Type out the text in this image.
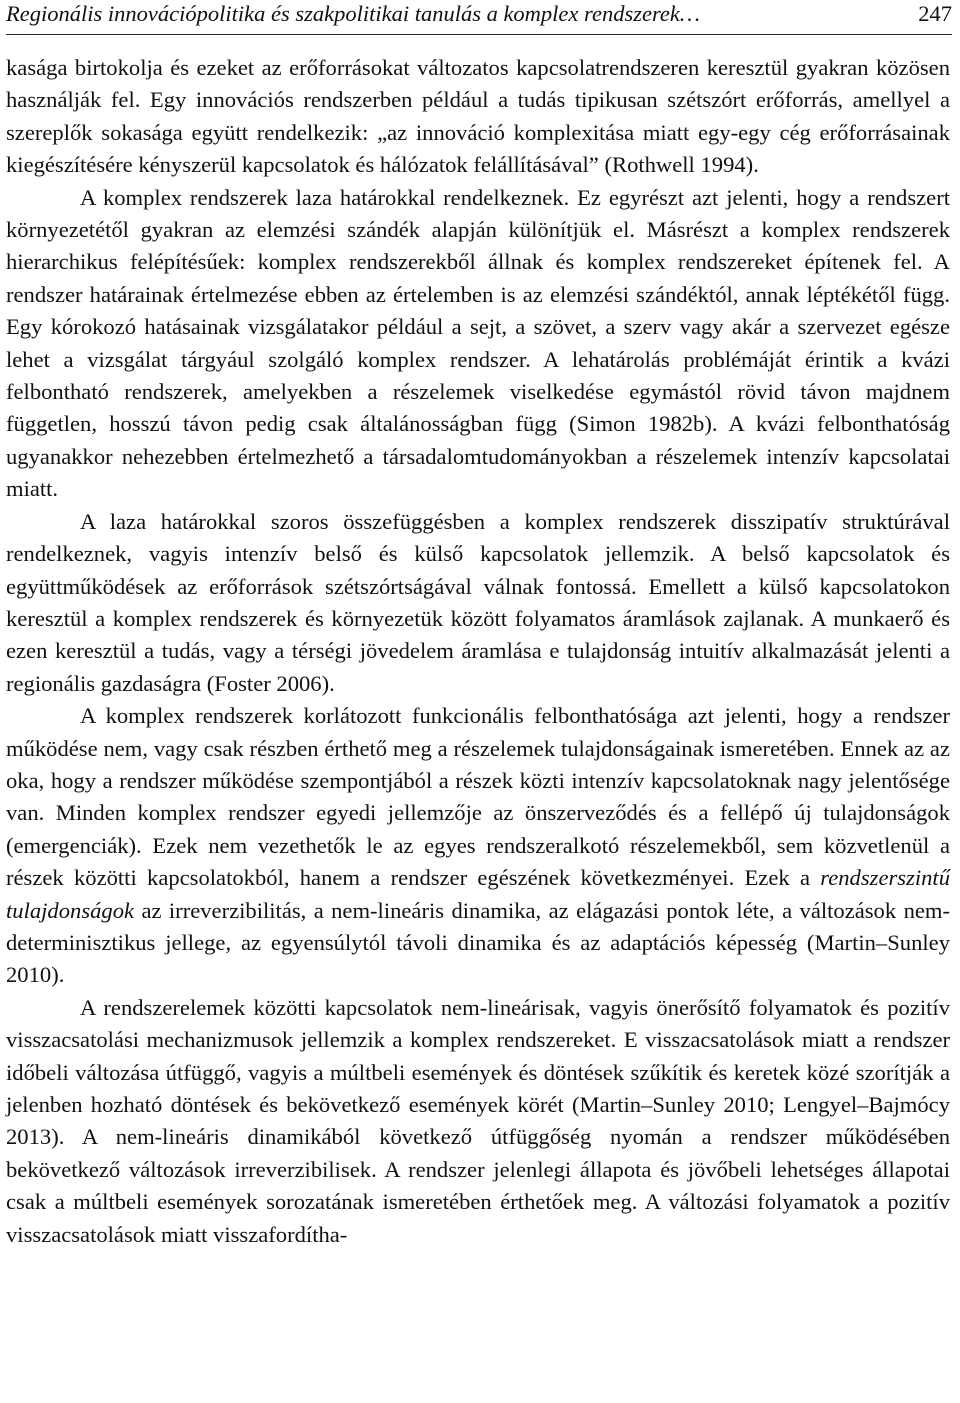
Regionális innovációpolitika és szakpolitikai tanulás a komplex rendszerek…	247

kasága birtokolja és ezeket az erőforrásokat változatos kapcsolatrendszeren keresztül gyakran közösen használják fel. Egy innovációs rendszerben például a tudás tipikusan szétszórt erőforrás, amellyel a szereplők sokasága együtt rendelkezik: „az innováció komplexitása miatt egy-egy cég erőforrásainak kiegészítésére kényszerül kapcsolatok és hálózatok felállításával” (Rothwell 1994).

A komplex rendszerek laza határokkal rendelkeznek. Ez egyrészt azt jelenti, hogy a rendszert környezetétől gyakran az elemzési szándék alapján különítjük el. Másrészt a komplex rendszerek hierarchikus felépítésűek: komplex rendszerekből állnak és komplex rendszereket építenek fel. A rendszer határainak értelmezése ebben az értelemben is az elemzési szándéktól, annak léptékétől függ. Egy kórokozó hatásainak vizsgálatakor például a sejt, a szövet, a szerv vagy akár a szervezet egésze lehet a vizsgálat tárgyául szolgáló komplex rendszer. A lehatárolás problémáját érintik a kvázi felbontható rendszerek, amelyekben a részelemek viselkedése egymástól rövid távon majdnem független, hosszú távon pedig csak általánosságban függ (Simon 1982b). A kvázi felbonthatóság ugyanakkor nehezebben értelmezhető a társadalomtudományokban a részelemek intenzív kapcsolatai miatt.

A laza határokkal szoros összefüggésben a komplex rendszerek disszipatív struktúrával rendelkeznek, vagyis intenzív belső és külső kapcsolatok jellemzik. A belső kapcsolatok és együttműködések az erőforrások szétszórtságával válnak fontossá. Emellett a külső kapcsolatokon keresztül a komplex rendszerek és környezetük között folyamatos áramlások zajlanak. A munkaerő és ezen keresztül a tudás, vagy a térségi jövedelem áramlása e tulajdonság intuitív alkalmazását jelenti a regionális gazdaságra (Foster 2006).

A komplex rendszerek korlátozott funkcionális felbonthatósága azt jelenti, hogy a rendszer működése nem, vagy csak részben érthető meg a részelemek tulajdonságainak ismeretében. Ennek az az oka, hogy a rendszer működése szempontjából a részek közti intenzív kapcsolatoknak nagy jelentősége van. Minden komplex rendszer egyedi jellemzője az önszerveződés és a fellépő új tulajdonságok (emergenciák). Ezek nem vezethetők le az egyes rendszeralkotó részelemekből, sem közvetlenül a részek közötti kapcsolatokból, hanem a rendszer egészének következményei. Ezek a rendszerszintű tulajdonságok az irreverzibilitás, a nem-lineáris dinamika, az elágazási pontok léte, a változások nem-determinisztikus jellege, az egyensúlytól távoli dinamika és az adaptációs képesség (Martin–Sunley 2010).

A rendszerelemek közötti kapcsolatok nem-lineárisak, vagyis önerősítő folyamatok és pozitív visszacsatolási mechanizmusok jellemzik a komplex rendszereket. E visszacsatolások miatt a rendszer időbeli változása útfüggő, vagyis a múltbeli események és döntések szűkítik és keretek közé szorítják a jelenben hozható döntések és bekövetkező események körét (Martin–Sunley 2010; Lengyel–Bajmócy 2013). A nem-lineáris dinamikából következő útfüggőség nyomán a rendszer működésében bekövetkező változások irreverzibilisek. A rendszer jelenlegi állapota és jövőbeli lehetséges állapotai csak a múltbeli események sorozatának ismeretében érthetőek meg. A változási folyamatok a pozitív visszacsatolások miatt visszafordítha-
